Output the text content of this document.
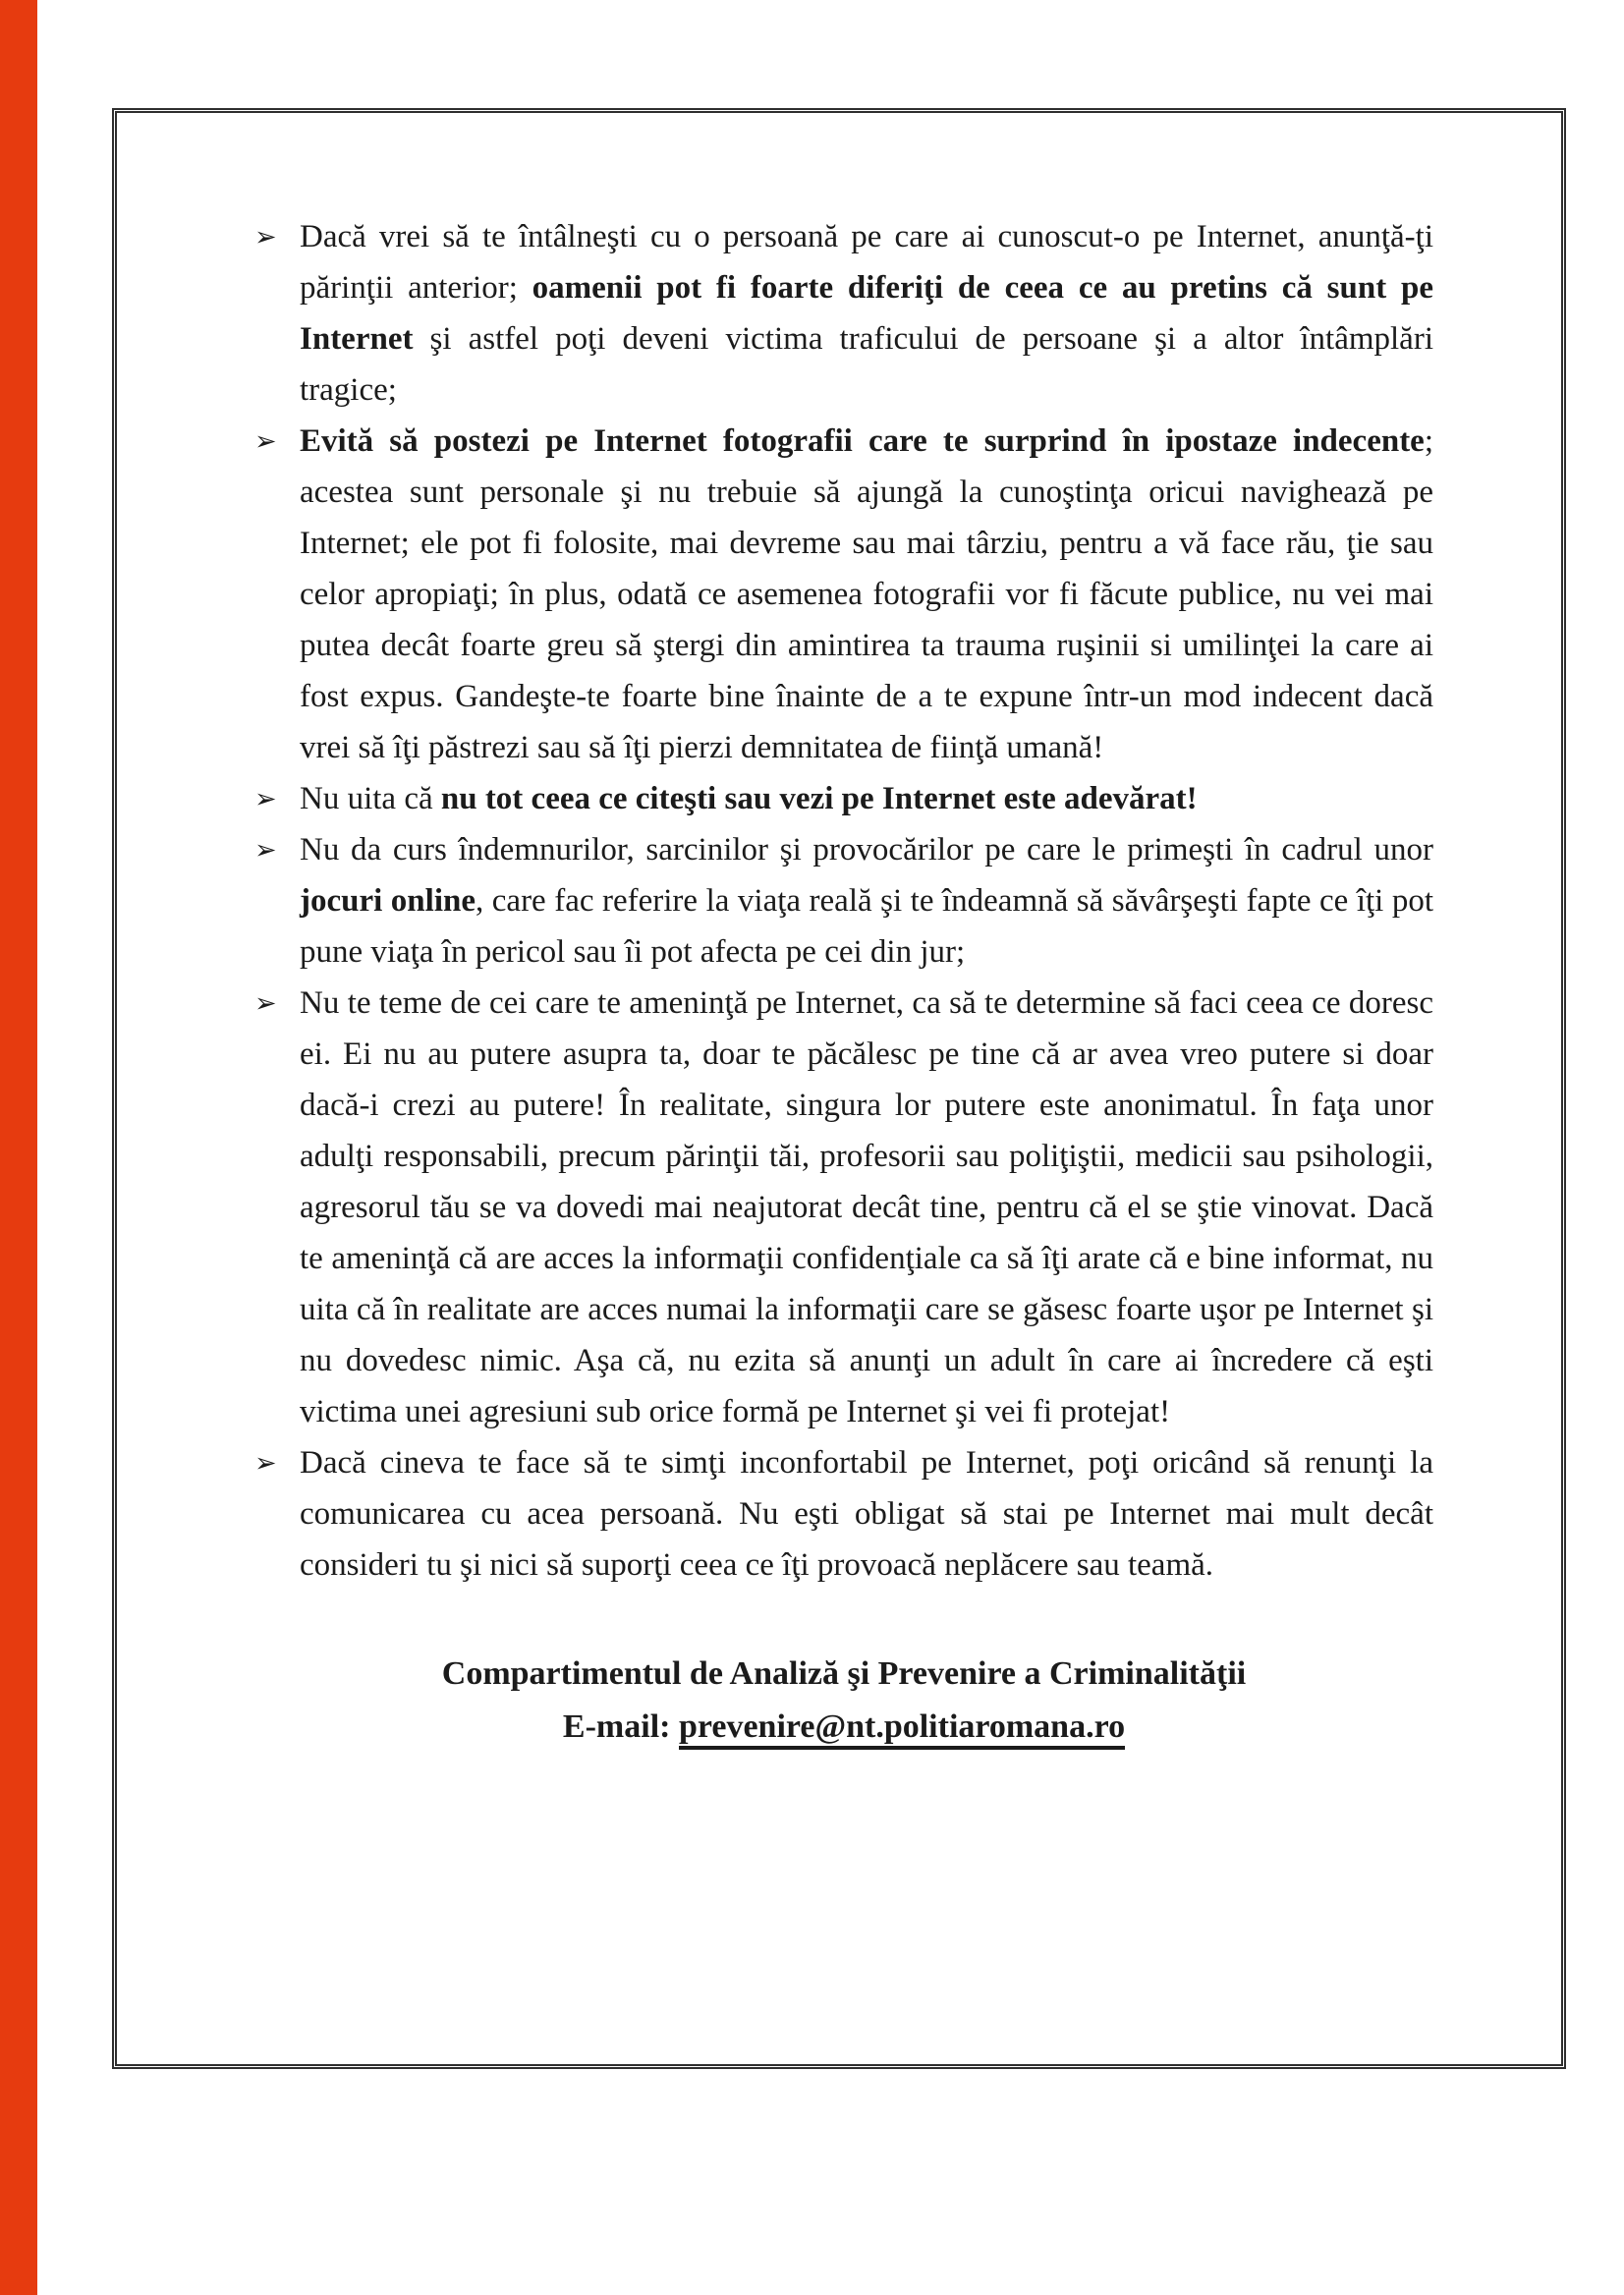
➢ Dacă vrei să te întâlneşti cu o persoană pe care ai cunoscut-o pe Internet, anunţă-ţi părinţii anterior; oamenii pot fi foarte diferiţi de ceea ce au pretins că sunt pe Internet şi astfel poţi deveni victima traficului de persoane şi a altor întâmplări tragice;
➢ Evită să postezi pe Internet fotografii care te surprind în ipostaze indecente; acestea sunt personale şi nu trebuie să ajungă la cunoştinţa oricui navighează pe Internet; ele pot fi folosite, mai devreme sau mai târziu, pentru a vă face rău, ţie sau celor apropiaţi; în plus, odată ce asemenea fotografii vor fi făcute publice, nu vei mai putea decât foarte greu să ştergi din amintirea ta trauma ruşinii si umilinţei la care ai fost expus. Gandeşte-te foarte bine înainte de a te expune într-un mod indecent dacă vrei să îţi păstrezi sau să îţi pierzi demnitatea de fiinţă umană!
➢ Nu uita că nu tot ceea ce citeşti sau vezi pe Internet este adevărat!
➢ Nu da curs îndemnurilor, sarcinilor şi provocărilor pe care le primeşti în cadrul unor jocuri online, care fac referire la viaţa reală şi te îndeamnă să săvârşeşti fapte ce îţi pot pune viaţa în pericol sau îi pot afecta pe cei din jur;
➢ Nu te teme de cei care te ameninţă pe Internet, ca să te determine să faci ceea ce doresc ei. Ei nu au putere asupra ta, doar te păcălesc pe tine că ar avea vreo putere si doar dacă-i crezi au putere! În realitate, singura lor putere este anonimatul. În faţa unor adulţi responsabili, precum părinţii tăi, profesorii sau poliţiştii, medicii sau psihologii, agresorul tău se va dovedi mai neajutorat decât tine, pentru că el se ştie vinovat. Dacă te ameninţă că are acces la informaţii confidenţiale ca să îţi arate că e bine informat, nu uita că în realitate are acces numai la informaţii care se găsesc foarte uşor pe Internet şi nu dovedesc nimic. Aşa că, nu ezita să anunţi un adult în care ai încredere că eşti victima unei agresiuni sub orice formă pe Internet şi vei fi protejat!
➢ Dacă cineva te face să te simţi inconfortabil pe Internet, poţi oricând să renunţi la comunicarea cu acea persoană. Nu eşti obligat să stai pe Internet mai mult decât consideri tu şi nici să suporţi ceea ce îţi provoacă neplăcere sau teamă.
Compartimentul de Analiză şi Prevenire a Criminalităţii
E-mail: prevenire@nt.politiaromana.ro
